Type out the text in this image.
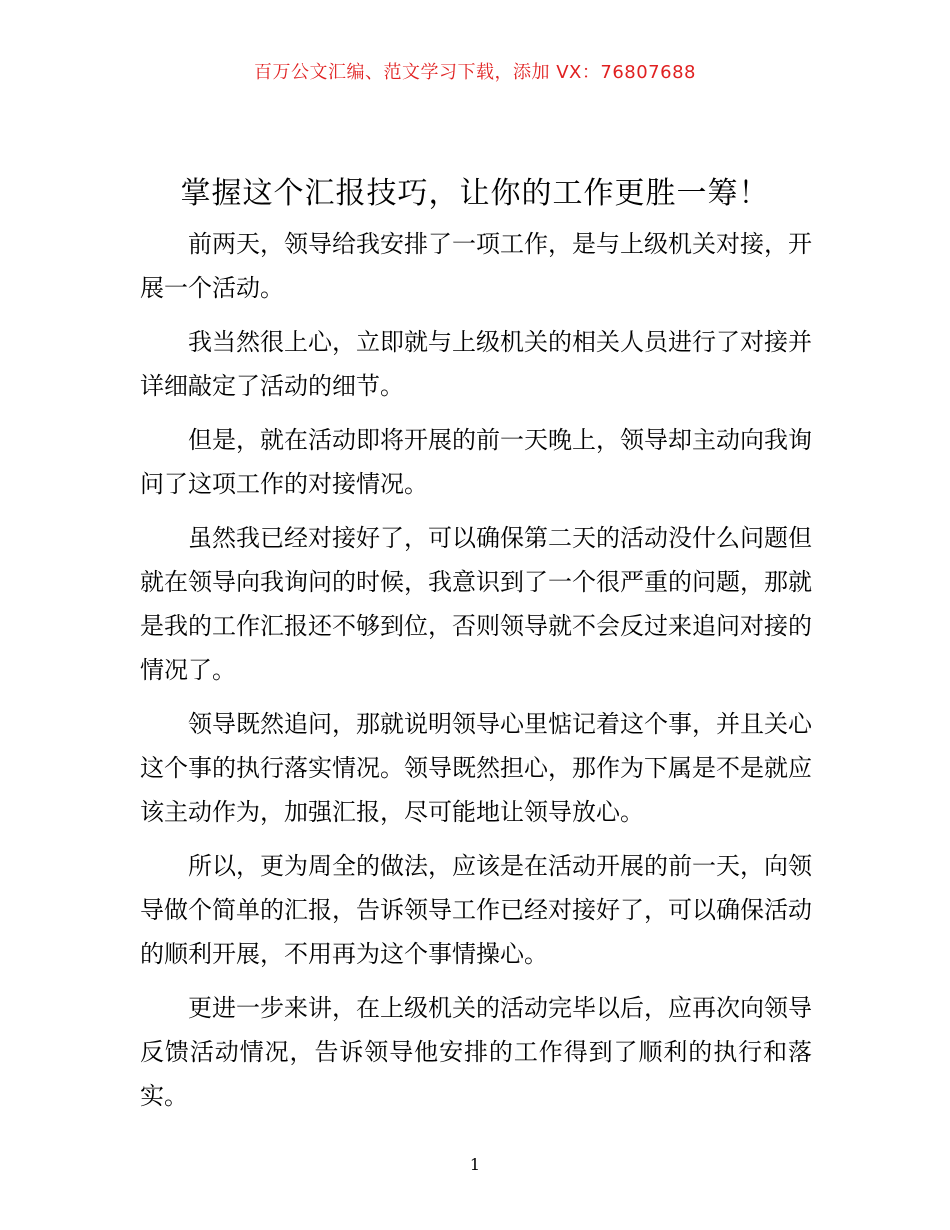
百万公文汇编、范文学习下载，添加 VX：76807688
掌握这个汇报技巧，让你的工作更胜一筹！

前两天，领导给我安排了一项工作，是与上级机关对接，开展一个活动。

我当然很上心，立即就与上级机关的相关人员进行了对接并详细敲定了活动的细节。

但是，就在活动即将开展的前一天晚上，领导却主动向我询问了这项工作的对接情况。

虽然我已经对接好了，可以确保第二天的活动没什么问题但就在领导向我询问的时候，我意识到了一个很严重的问题，那就是我的工作汇报还不够到位，否则领导就不会反过来追问对接的情况了。

领导既然追问，那就说明领导心里惦记着这个事，并且关心这个事的执行落实情况。领导既然担心，那作为下属是不是就应该主动作为，加强汇报，尽可能地让领导放心。

所以，更为周全的做法，应该是在活动开展的前一天，向领导做个简单的汇报，告诉领导工作已经对接好了，可以确保活动的顺利开展，不用再为这个事情操心。

更进一步来讲，在上级机关的活动完毕以后，应再次向领导反馈活动情况，告诉领导他安排的工作得到了顺利的执行和落实。

1
